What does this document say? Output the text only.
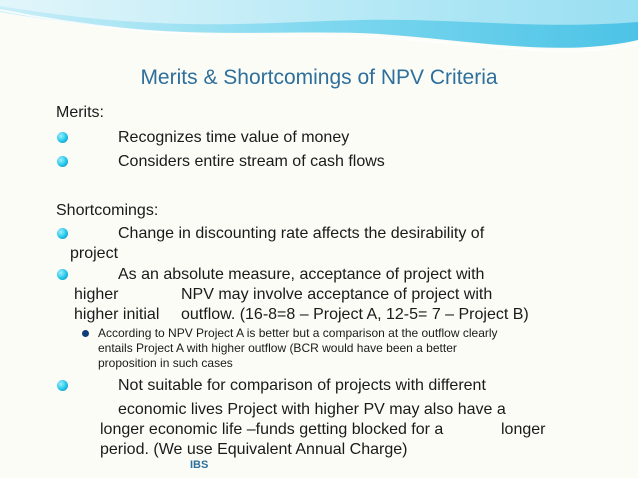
Merits & Shortcomings of NPV Criteria
Merits:
Recognizes time value of money
Considers entire stream of cash flows
Shortcomings:
Change in discounting rate affects the desirability of
project
As an absolute measure, acceptance of project with
higher	NPV may involve acceptance of project with
higher initial outflow. (16-8=8 – Project A, 12-5= 7 – Project B)
According to NPV Project A is better but a comparison at the outflow clearly
entails Project A with higher outflow (BCR would have been a better
proposition in such cases
Not suitable for comparison of projects with different
economic lives Project with higher PV may also have a
longer economic life –funds getting blocked for a	longer
period. (We use Equivalent Annual Charge)
IBS
